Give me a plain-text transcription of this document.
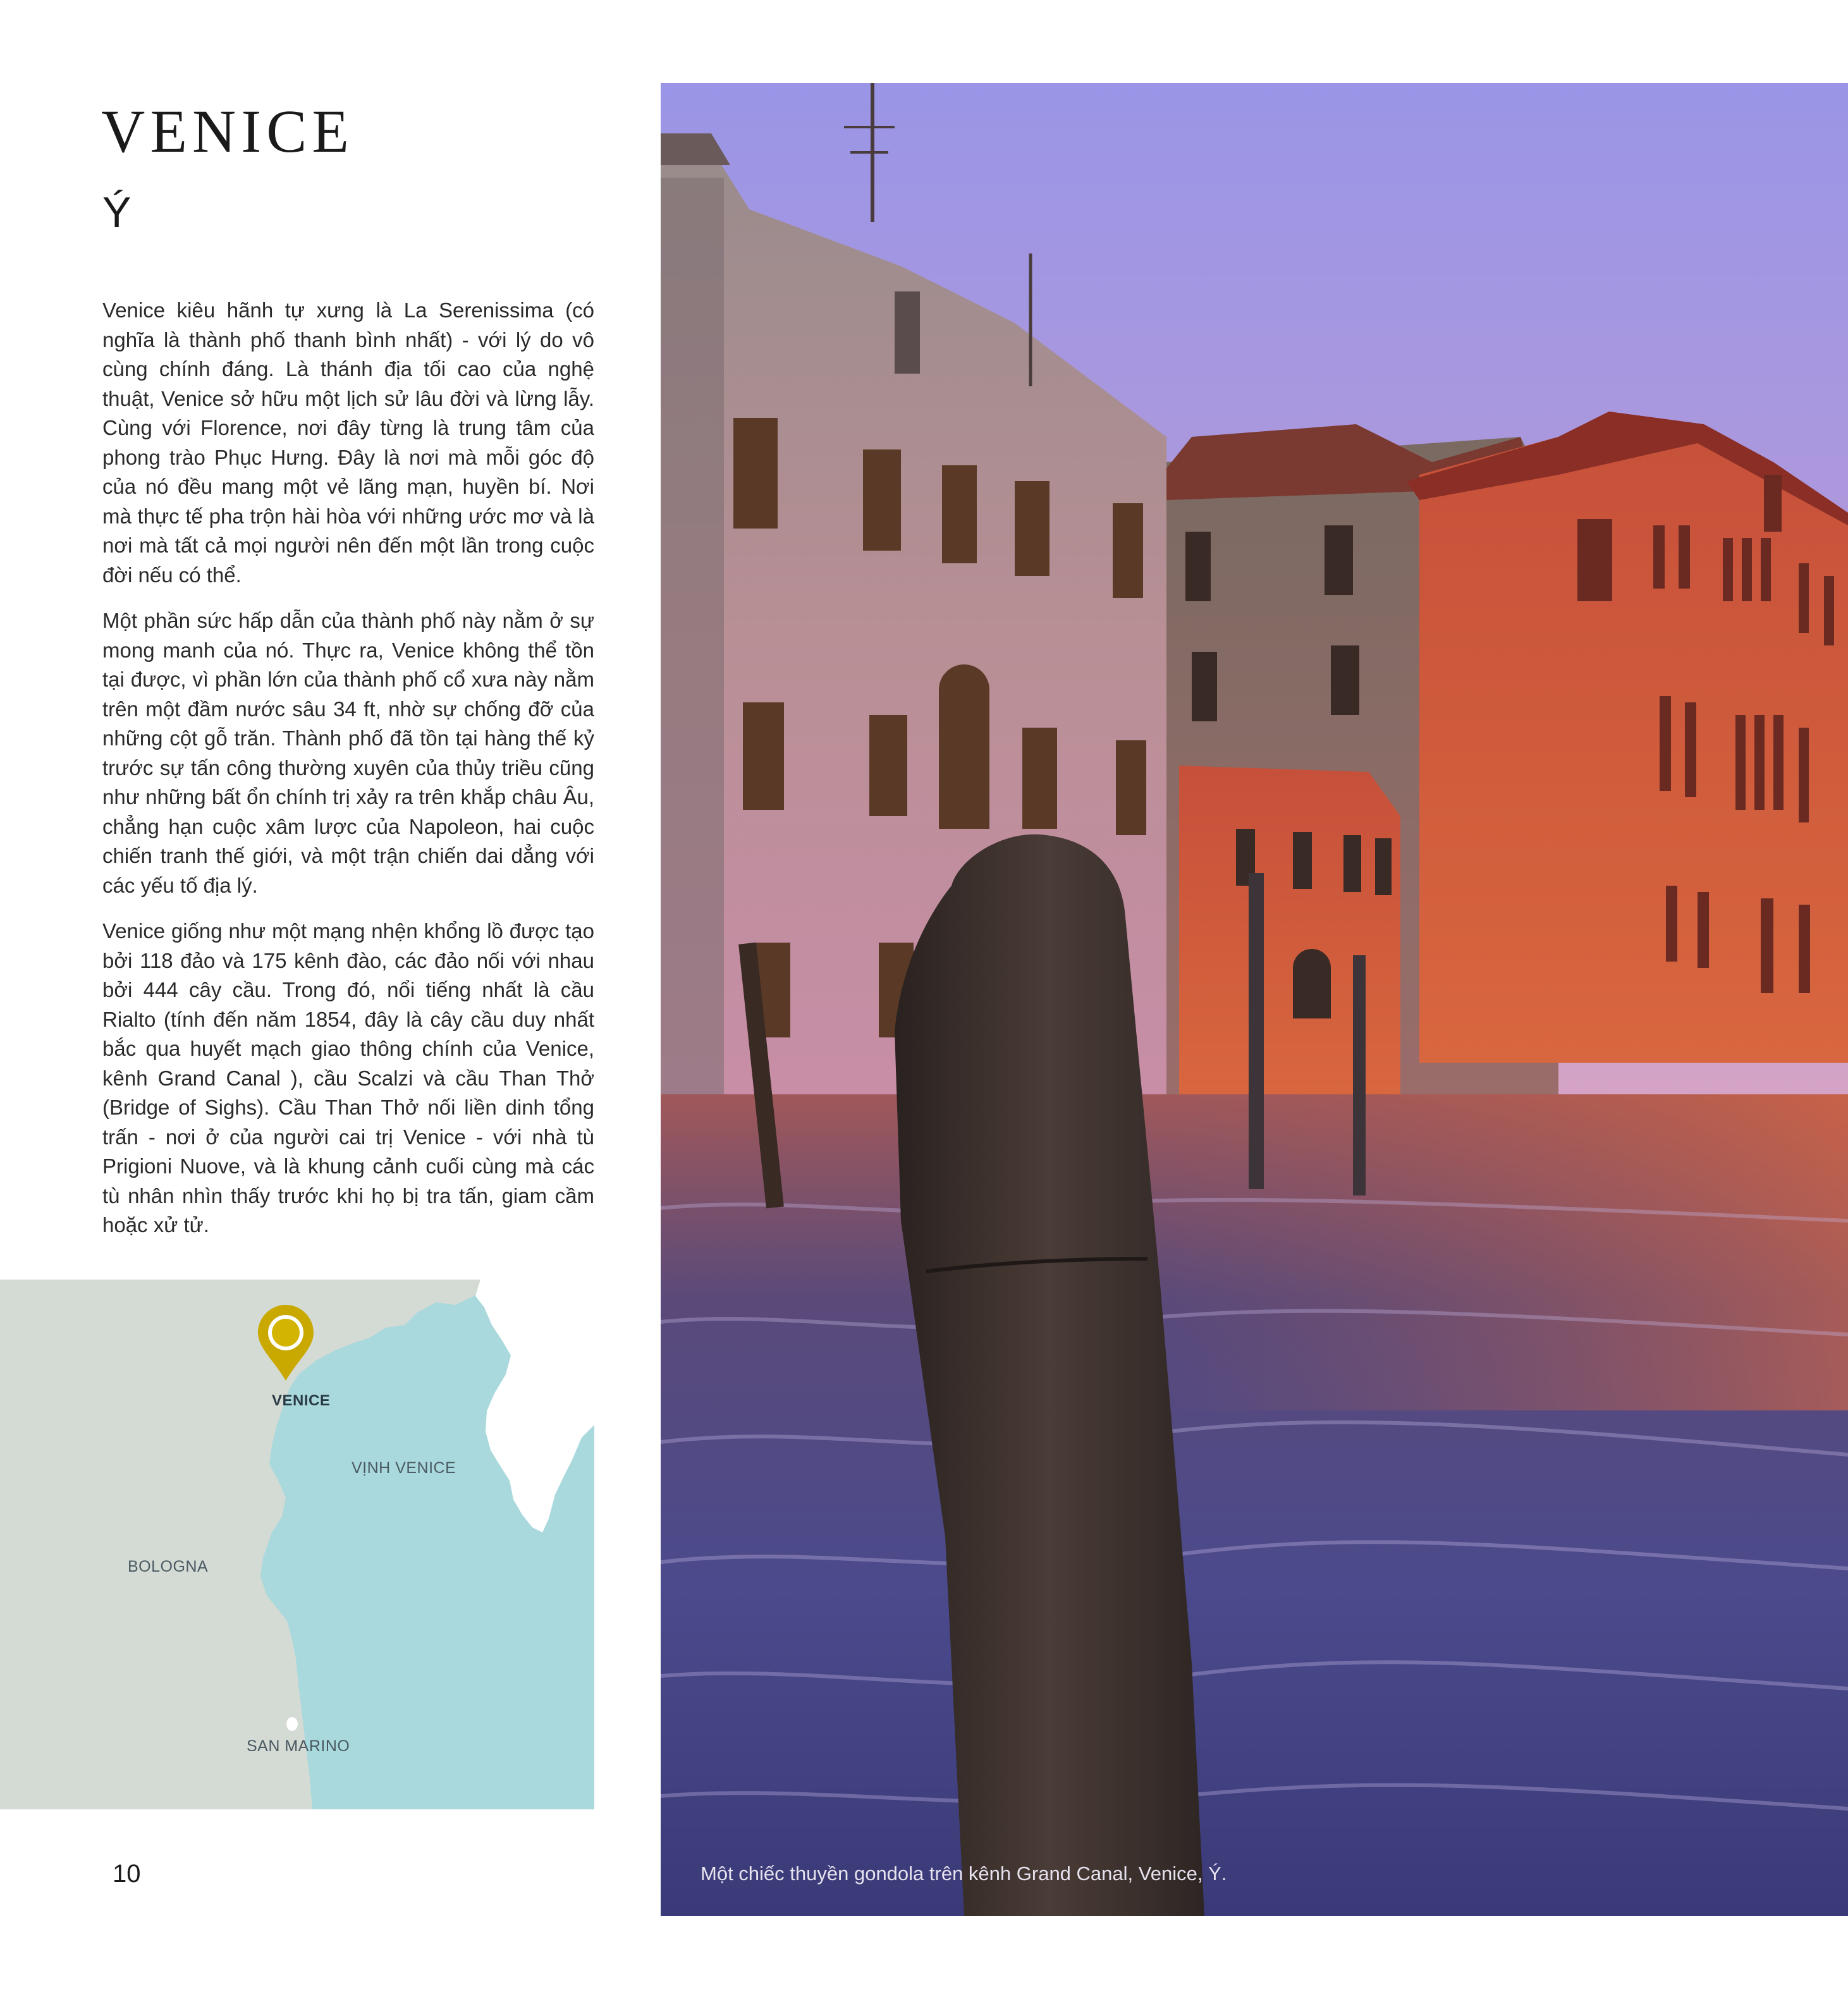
VENICE
Ý

Venice kiêu hãnh tự xưng là La Serenissima (có nghĩa là thành phố thanh bình nhất) - với lý do vô cùng chính đáng. Là thánh địa tối cao của nghệ thuật, Venice sở hữu một lịch sử lâu đời và lừng lẫy. Cùng với Florence, nơi đây từng là trung tâm của phong trào Phục Hưng. Đây là nơi mà mỗi góc độ của nó đều mang một vẻ lãng mạn, huyền bí. Nơi mà thực tế pha trộn hài hòa với những ước mơ và là nơi mà tất cả mọi người nên đến một lần trong cuộc đời nếu có thể.

Một phần sức hấp dẫn của thành phố này nằm ở sự mong manh của nó. Thực ra, Venice không thể tồn tại được, vì phần lớn của thành phố cổ xưa này nằm trên một đầm nước sâu 34 ft, nhờ sự chống đỡ của những cột gỗ trăn. Thành phố đã tồn tại hàng thế kỷ trước sự tấn công thường xuyên của thủy triều cũng như những bất ổn chính trị xảy ra trên khắp châu Âu, chẳng hạn cuộc xâm lược của Napoleon, hai cuộc chiến tranh thế giới, và một trận chiến dai dẳng với các yếu tố địa lý.

Venice giống như một mạng nhện khổng lồ được tạo bởi 118 đảo và 175 kênh đào, các đảo nối với nhau bởi 444 cây cầu. Trong đó, nổi tiếng nhất là cầu Rialto (tính đến năm 1854, đây là cây cầu duy nhất bắc qua huyết mạch giao thông chính của Venice, kênh Grand Canal ), cầu Scalzi và cầu Than Thở (Bridge of Sighs). Cầu Than Thở nối liền dinh tổng trấn - nơi ở của người cai trị Venice - với nhà tù Prigioni Nuove, và là khung cảnh cuối cùng mà các tù nhân nhìn thấy trước khi họ bị tra tấn, giam cầm hoặc xử tử.

VENICE
VỊNH VENICE
BOLOGNA
SAN MARINO
10	Một chiếc thuyền gondola trên kênh Grand Canal, Venice, Ý.
